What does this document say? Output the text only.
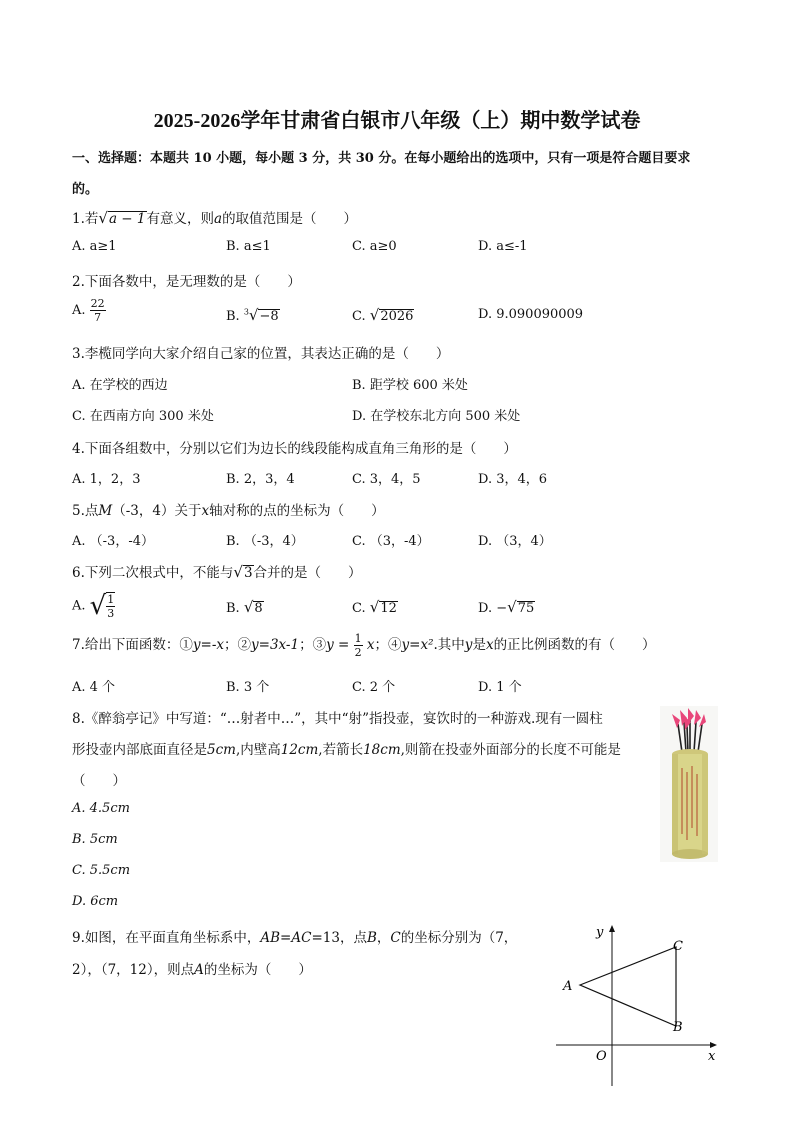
2025-2026学年甘肃省白银市八年级（上）期中数学试卷
一、选择题：本题共 10 小题，每小题 3 分，共 30 分。在每小题给出的选项中，只有一项是符合题目要求
的。
1.若√a − 1有意义，则a的取值范围是（　　）
A. a≥1	B. a≤1	C. a≥0	D. a≤-1
2.下面各数中，是无理数的是（　　）
A. $\frac{22}{7}$	B. $^3$√−8	C. √2026	D. 9.090090009
3.李榄同学向大家介绍自己家的位置，其表达正确的是（　　）
A. 在学校的西边	B. 距学校 600 米处
C. 在西南方向 300 米处	D. 在学校东北方向 500 米处
4.下面各组数中，分别以它们为边长的线段能构成直角三角形的是（　　）
A. 1，2，3	B. 2，3，4	C. 3，4，5	D. 3，4，6
5.点M（-3，4）关于x轴对称的点的坐标为（　　）
A. （-3，-4）	B. （-3，4）	C. （3，-4）	D. （3，4）
6.下列二次根式中，不能与√3合并的是（　　）
A. √ $\frac{1}{3}$	B. √8	C. √12	D. −√75
7.给出下面函数：①y=-x；②y=3x-1；③y = $\frac{1}{2}$ x；④y=x².其中y是x的正比例函数的有（　　）
A. 4 个	B. 3 个	C. 2 个	D. 1 个
8.《醉翁亭记》中写道：“…射者中…”，其中“射”指投壶，宴饮时的一种游戏.现有一圆柱
形投壶内部底面直径是5cm,内壁高12cm,若箭长18cm,则箭在投壶外面部分的长度不可能是
（　　）
A. 4.5cm
B. 5cm
C. 5.5cm
D. 6cm
9.如图，在平面直角坐标系中，AB=AC=13，点B，C的坐标分别为（7，
2），（7，12），则点A的坐标为（　　）
y
x
O
A
B
C
